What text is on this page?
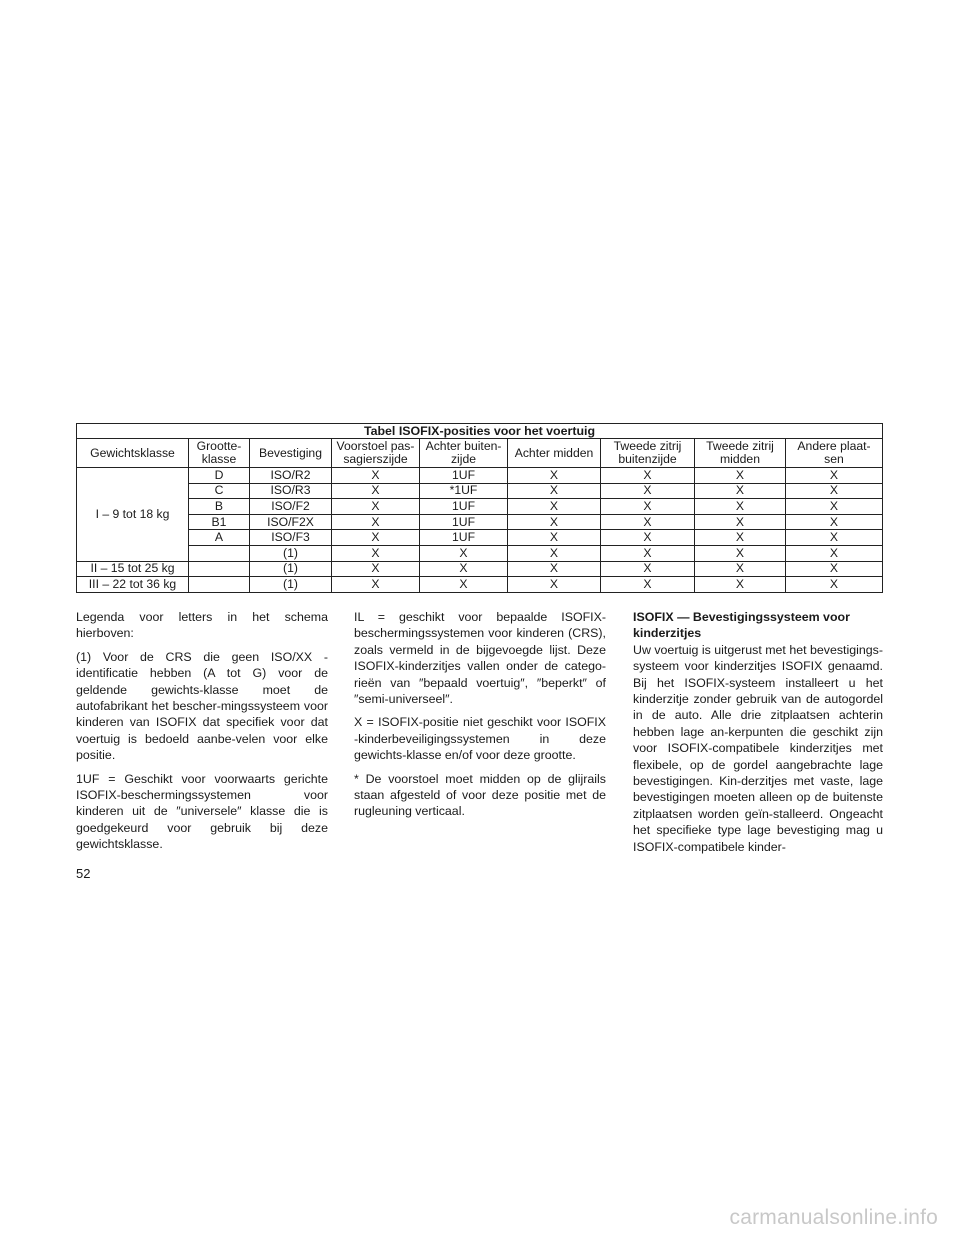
Tabel ISOFIX-posities voor het voertuig								
Gewichtsklasse	Grootte-klasse	Bevestiging	Voorstoel pas-sagierszijde	Achter buiten-zijde	Achter midden	Tweede zitrij buitenzijde	Tweede zitrij midden	Andere plaat-sen
I – 9 tot 18 kg	D	ISO/R2	X	1UF	X	X	X	X
	C	ISO/R3	X	*1UF	X	X	X	X
	B	ISO/F2	X	1UF	X	X	X	X
	B1	ISO/F2X	X	1UF	X	X	X	X
	A	ISO/F3	X	1UF	X	X	X	X
		(1)	X	X	X	X	X	X
II – 15 tot 25 kg		(1)	X	X	X	X	X	X
III – 22 tot 36 kg		(1)	X	X	X	X	X	X

Legenda voor letters in het schema hierboven:

(1) Voor de CRS die geen ISO/XX -identificatie hebben (A tot G) voor de geldende gewichts-klasse moet de autofabrikant het bescher-mingssysteem voor kinderen van ISOFIX dat specifiek voor dat voertuig is bedoeld aanbe-velen voor elke positie.

1UF = Geschikt voor voorwaarts gerichte ISOFIX-beschermingssystemen voor kinderen uit de ″universele″ klasse die is goedgekeurd voor gebruik bij deze gewichtsklasse.

IL = geschikt voor bepaalde ISOFIX-beschermingssystemen voor kinderen (CRS), zoals vermeld in de bijgevoegde lijst. Deze ISOFIX-kinderzitjes vallen onder de catego-rieën van ″bepaald voertuig″, ″beperkt″ of ″semi-universeel″.

X = ISOFIX-positie niet geschikt voor ISOFIX -kinderbeveiligingssystemen in deze gewichts-klasse en/of voor deze grootte.

* De voorstoel moet midden op de glijrails staan afgesteld of voor deze positie met de rugleuning verticaal.

ISOFIX — Bevestigingssysteem voor kinderzitjes

Uw voertuig is uitgerust met het bevestigings-systeem voor kinderzitjes ISOFIX genaamd. Bij het ISOFIX-systeem installeert u het kinderzitje zonder gebruik van de autogordel in de auto. Alle drie zitplaatsen achterin hebben lage an-kerpunten die geschikt zijn voor ISOFIX-compatibele kinderzitjes met flexibele, op de gordel aangebrachte lage bevestigingen. Kin-derzitjes met vaste, lage bevestigingen moeten alleen op de buitenste zitplaatsen worden geïn-stalleerd. Ongeacht het specifieke type lage bevestiging mag u ISOFIX-compatibele kinder-

52
carmanualsonline.info
